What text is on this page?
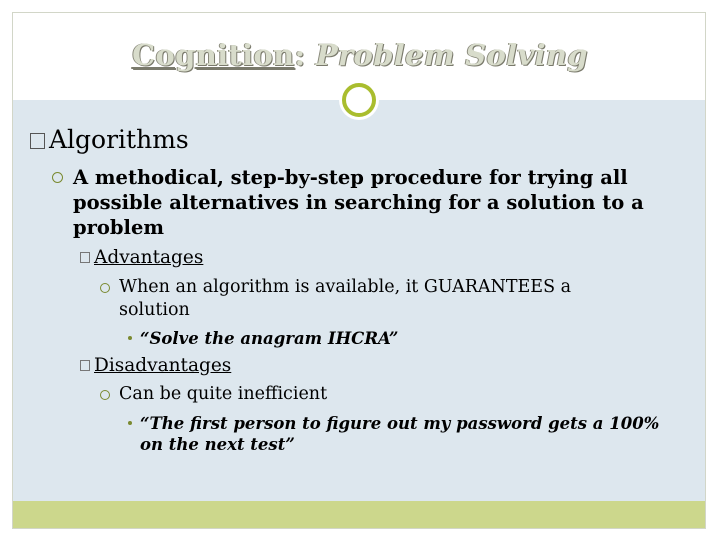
Cognition: Problem Solving
Algorithms
A methodical, step-by-step procedure for trying all possible alternatives in searching for a solution to a problem
Advantages
When an algorithm is available, it GUARANTEES a solution
“Solve the anagram IHCRA”
Disadvantages
Can be quite inefficient
“The first person to figure out my password gets a 100% on the next test”
